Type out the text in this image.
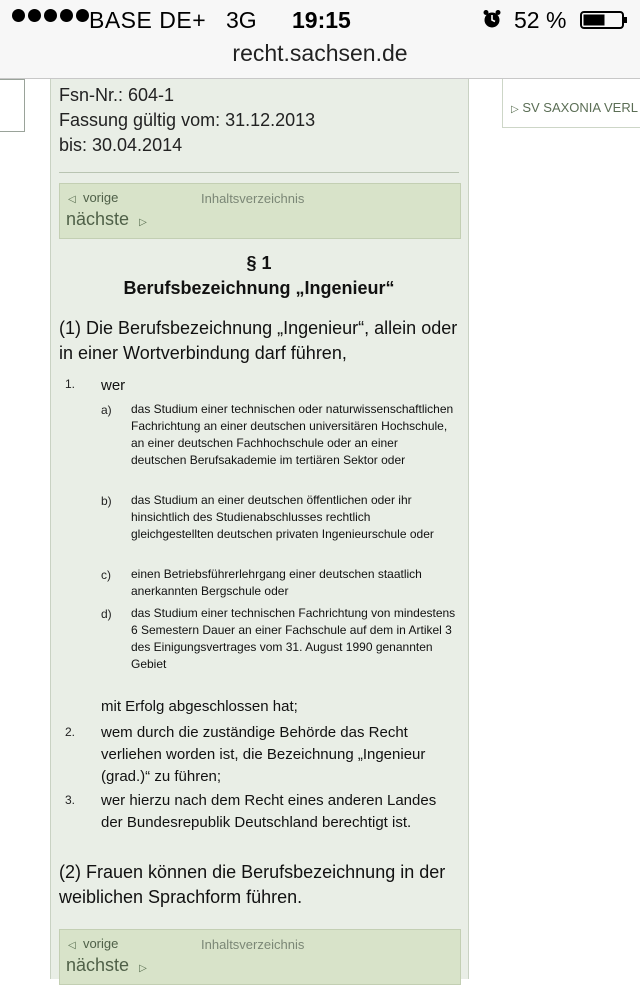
BASE DE+ 3G 19:15	52 %
recht.sachsen.de
▷ SV SAXONIA VERL
Fsn-Nr.: 604-1
Fassung gültig vom: 31.12.2013
bis: 30.04.2014
◁ vorige	Inhaltsverzeichnis
nächste ▷
§ 1
Berufsbezeichnung „Ingenieur“
(1) Die Berufsbezeichnung „Ingenieur“, allein oder in einer Wortverbindung darf führen,
1. wer
a) das Studium einer technischen oder naturwissenschaftlichen Fachrichtung an einer deutschen universitären Hochschule, an einer deutschen Fachhochschule oder an einer deutschen Berufsakademie im tertiären Sektor oder
b) das Studium an einer deutschen öffentlichen oder ihr hinsichtlich des Studienabschlusses rechtlich gleichgestellten deutschen privaten Ingenieurschule oder
c) einen Betriebsführerlehrgang einer deutschen staatlich anerkannten Bergschule oder
d) das Studium einer technischen Fachrichtung von mindestens 6 Semestern Dauer an einer Fachschule auf dem in Artikel 3 des Einigungsvertrages vom 31. August 1990 genannten Gebiet
mit Erfolg abgeschlossen hat;
2. wem durch die zuständige Behörde das Recht verliehen worden ist, die Bezeichnung „Ingenieur (grad.)“ zu führen;
3. wer hierzu nach dem Recht eines anderen Landes der Bundesrepublik Deutschland berechtigt ist.
(2) Frauen können die Berufsbezeichnung in der weiblichen Sprachform führen.
◁ vorige	Inhaltsverzeichnis
nächste ▷
